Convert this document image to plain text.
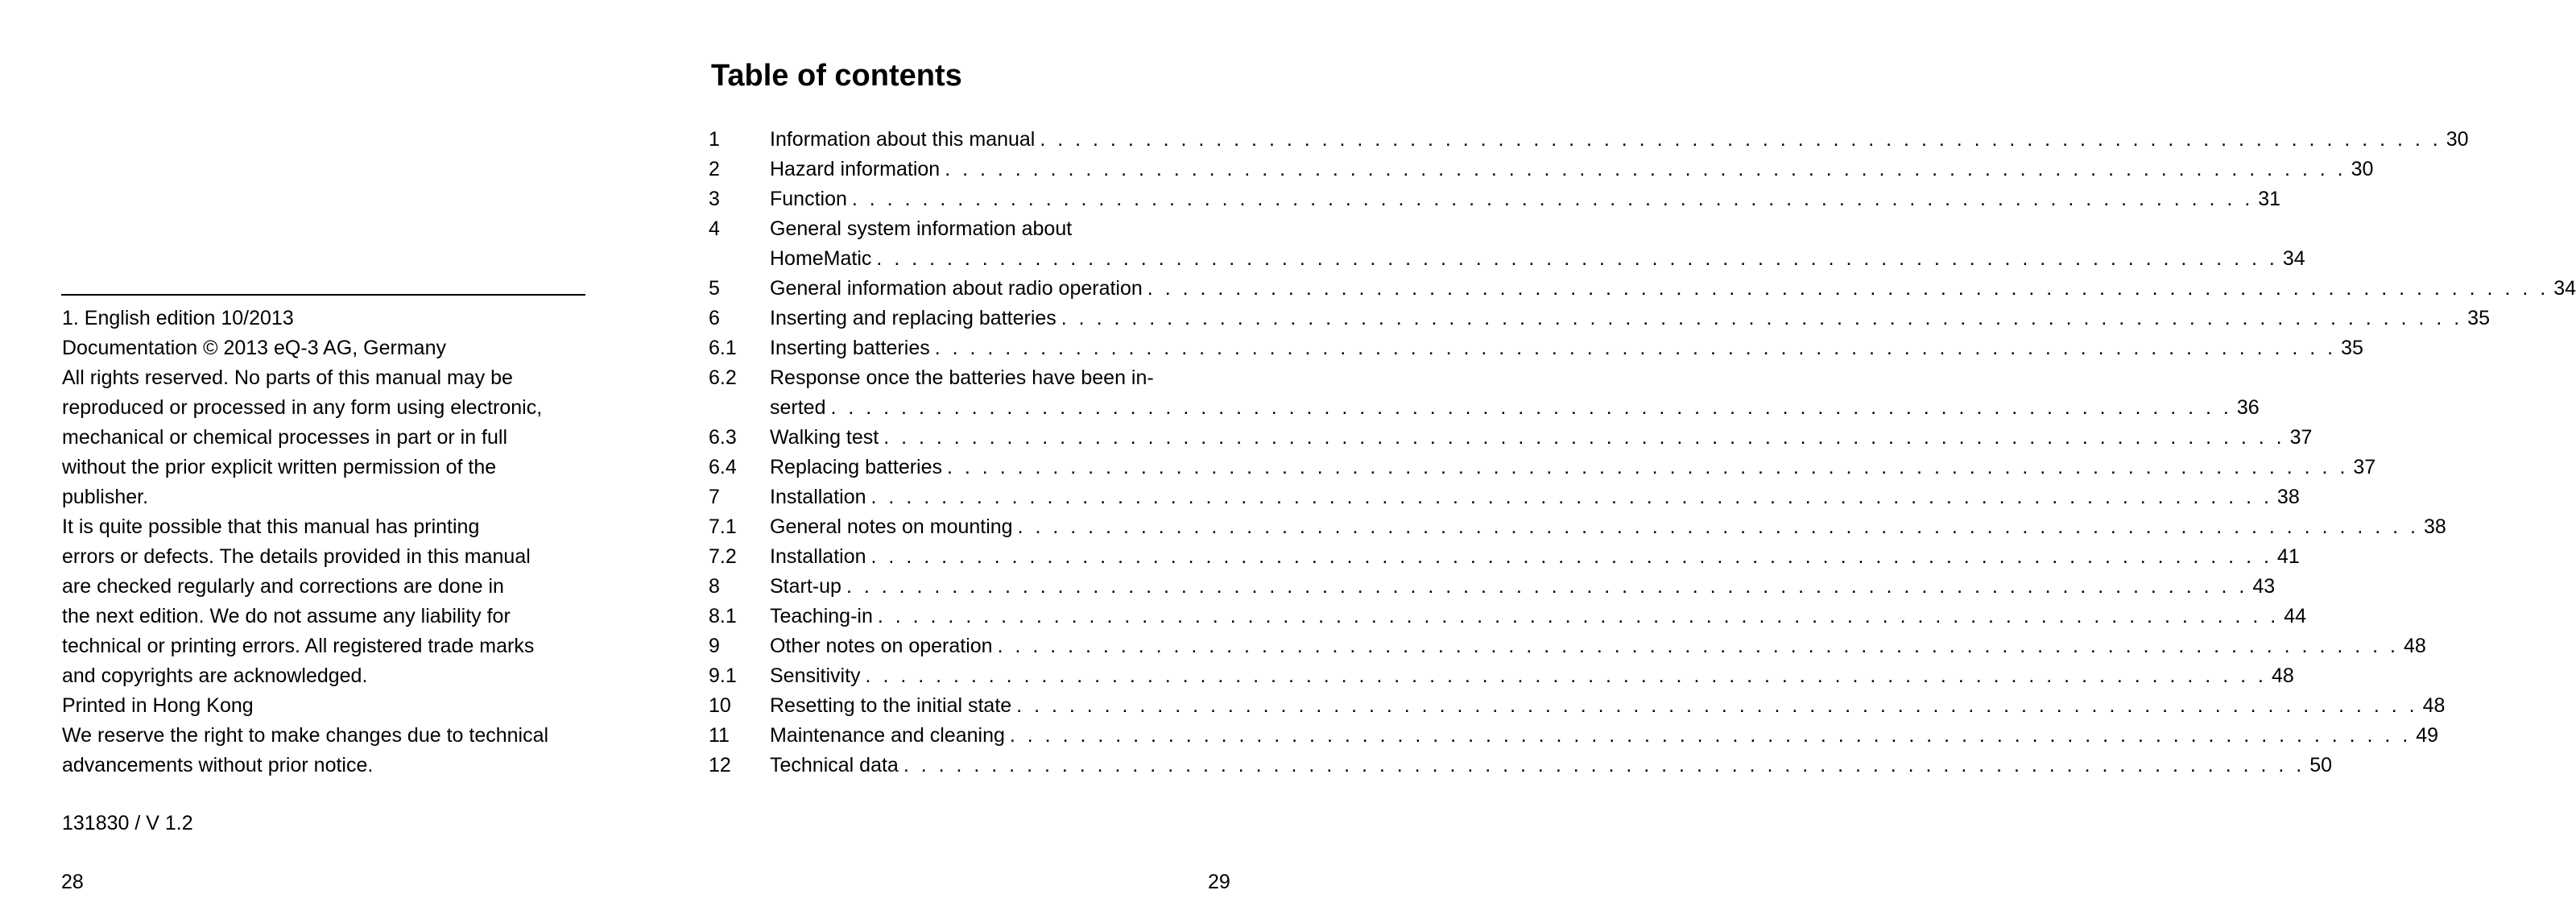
1. English edition 10/2013
Documentation © 2013 eQ-3 AG, Germany
All rights reserved. No parts of this manual may be
reproduced or processed in any form using electronic,
mechanical or chemical processes in part or in full
without the prior explicit written permission of the
publisher.
It is quite possible that this manual has printing
errors or defects. The details provided in this manual
are checked regularly and corrections are done in
the next edition. We do not assume any liability for
technical or printing errors. All registered trade marks
and copyrights are acknowledged.
Printed in Hong Kong
We reserve the right to make changes due to technical
advancements without prior notice.
131830 / V 1.2
28
Table of contents
1	Information about this manual . . . . . . . . . . . . . . . . . . . . . . . . . . . . . . . . . . . . . . . . . . . . . . . . . . . . . . . . . . . . . . . . . . . . . . . . . . . . . . . . 30
2	Hazard information . . . . . . . . . . . . . . . . . . . . . . . . . . . . . . . . . . . . . . . . . . . . . . . . . . . . . . . . . . . . . . . . . . . . . . . . . . . . . . . . 30
3	Function . . . . . . . . . . . . . . . . . . . . . . . . . . . . . . . . . . . . . . . . . . . . . . . . . . . . . . . . . . . . . . . . . . . . . . . . . . . . . . . . 31
4	General system information about
HomeMatic . . . . . . . . . . . . . . . . . . . . . . . . . . . . . . . . . . . . . . . . . . . . . . . . . . . . . . . . . . . . . . . . . . . . . . . . . . . . . . . . 34
5	General information about radio operation . . . . . . . . . . . . . . . . . . . . . . . . . . . . . . . . . . . . . . . . . . . . . . . . . . . . . . . . . . . . . . . . . . . . . . . . . . . . . . . . 34
6	Inserting and replacing batteries . . . . . . . . . . . . . . . . . . . . . . . . . . . . . . . . . . . . . . . . . . . . . . . . . . . . . . . . . . . . . . . . . . . . . . . . . . . . . . . . 35
6.1	Inserting batteries . . . . . . . . . . . . . . . . . . . . . . . . . . . . . . . . . . . . . . . . . . . . . . . . . . . . . . . . . . . . . . . . . . . . . . . . . . . . . . . . 35
6.2	Response once the batteries have been in-
serted . . . . . . . . . . . . . . . . . . . . . . . . . . . . . . . . . . . . . . . . . . . . . . . . . . . . . . . . . . . . . . . . . . . . . . . . . . . . . . . . 36
6.3	Walking test . . . . . . . . . . . . . . . . . . . . . . . . . . . . . . . . . . . . . . . . . . . . . . . . . . . . . . . . . . . . . . . . . . . . . . . . . . . . . . . . 37
6.4	Replacing batteries . . . . . . . . . . . . . . . . . . . . . . . . . . . . . . . . . . . . . . . . . . . . . . . . . . . . . . . . . . . . . . . . . . . . . . . . . . . . . . . . 37
7	Installation . . . . . . . . . . . . . . . . . . . . . . . . . . . . . . . . . . . . . . . . . . . . . . . . . . . . . . . . . . . . . . . . . . . . . . . . . . . . . . . . 38
7.1	General notes on mounting . . . . . . . . . . . . . . . . . . . . . . . . . . . . . . . . . . . . . . . . . . . . . . . . . . . . . . . . . . . . . . . . . . . . . . . . . . . . . . . . 38
7.2	Installation . . . . . . . . . . . . . . . . . . . . . . . . . . . . . . . . . . . . . . . . . . . . . . . . . . . . . . . . . . . . . . . . . . . . . . . . . . . . . . . . 41
8	Start-up . . . . . . . . . . . . . . . . . . . . . . . . . . . . . . . . . . . . . . . . . . . . . . . . . . . . . . . . . . . . . . . . . . . . . . . . . . . . . . . . 43
8.1	Teaching-in . . . . . . . . . . . . . . . . . . . . . . . . . . . . . . . . . . . . . . . . . . . . . . . . . . . . . . . . . . . . . . . . . . . . . . . . . . . . . . . . 44
9	Other notes on operation . . . . . . . . . . . . . . . . . . . . . . . . . . . . . . . . . . . . . . . . . . . . . . . . . . . . . . . . . . . . . . . . . . . . . . . . . . . . . . . . 48
9.1	Sensitivity . . . . . . . . . . . . . . . . . . . . . . . . . . . . . . . . . . . . . . . . . . . . . . . . . . . . . . . . . . . . . . . . . . . . . . . . . . . . . . . . 48
10	Resetting to the initial state . . . . . . . . . . . . . . . . . . . . . . . . . . . . . . . . . . . . . . . . . . . . . . . . . . . . . . . . . . . . . . . . . . . . . . . . . . . . . . . . 48
11	Maintenance and cleaning . . . . . . . . . . . . . . . . . . . . . . . . . . . . . . . . . . . . . . . . . . . . . . . . . . . . . . . . . . . . . . . . . . . . . . . . . . . . . . . . 49
12	Technical data . . . . . . . . . . . . . . . . . . . . . . . . . . . . . . . . . . . . . . . . . . . . . . . . . . . . . . . . . . . . . . . . . . . . . . . . . . . . . . . . 50
29
